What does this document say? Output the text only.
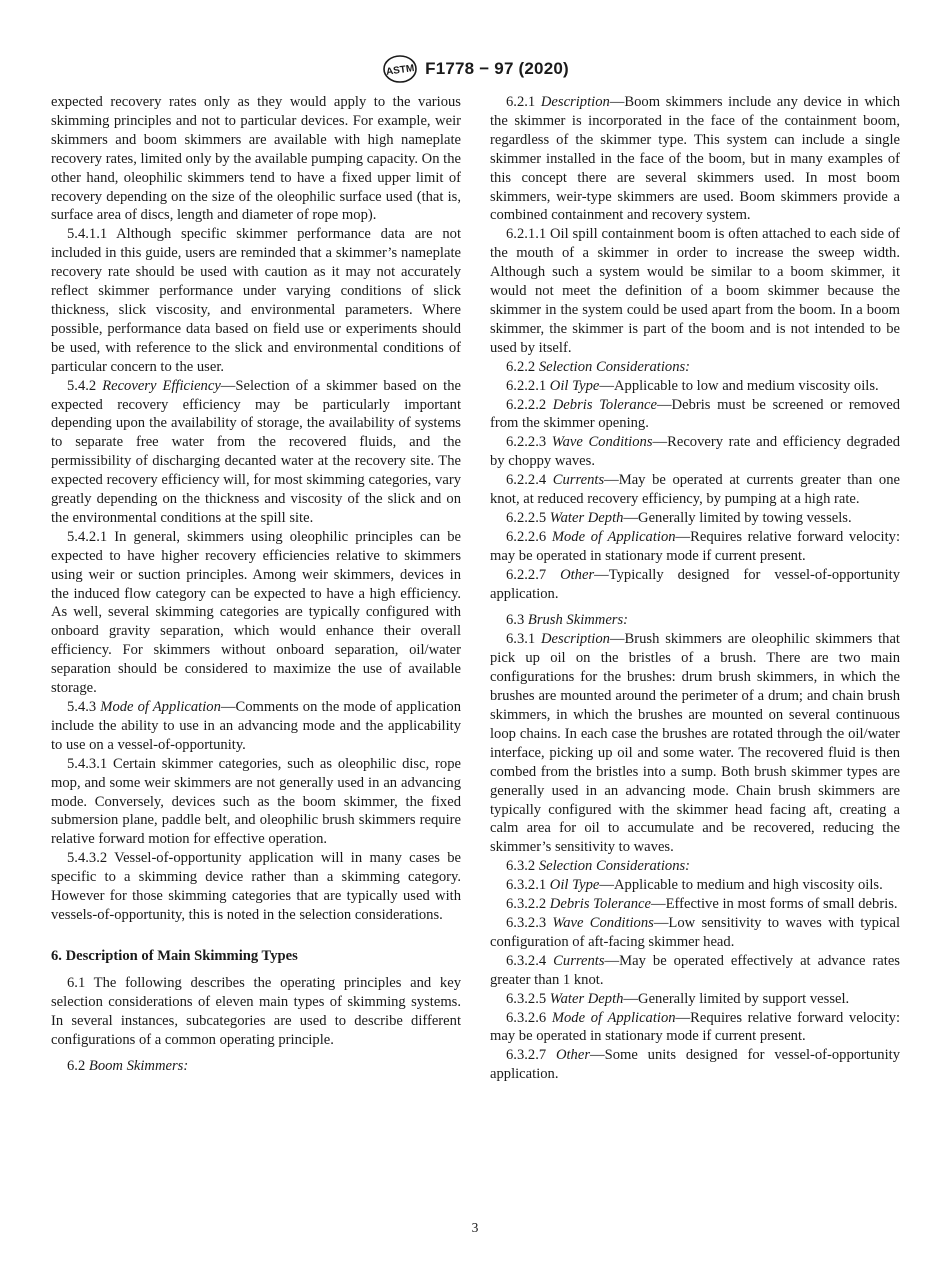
ASTM F1778 − 97 (2020)

expected recovery rates only as they would apply to the various skimming principles and not to particular devices. For example, weir skimmers and boom skimmers are available with high nameplate recovery rates, limited only by the available pumping capacity. On the other hand, oleophilic skimmers tend to have a fixed upper limit of recovery depending on the size of the oleophilic surface used (that is, surface area of discs, length and diameter of rope mop).

5.4.1.1 Although specific skimmer performance data are not included in this guide, users are reminded that a skimmer’s nameplate recovery rate should be used with caution as it may not accurately reflect skimmer performance under varying conditions of slick thickness, slick viscosity, and environmental parameters. Where possible, performance data based on field use or experiments should be used, with reference to the slick and environmental conditions of particular concern to the user.

5.4.2 Recovery Efficiency—Selection of a skimmer based on the expected recovery efficiency may be particularly important depending upon the availability of storage, the availability of systems to separate free water from the recovered fluids, and the permissibility of discharging decanted water at the recovery site. The expected recovery efficiency will, for most skimming categories, vary greatly depending on the thickness and viscosity of the slick and on the environmental conditions at the spill site.

5.4.2.1 In general, skimmers using oleophilic principles can be expected to have higher recovery efficiencies relative to skimmers using weir or suction principles. Among weir skimmers, devices in the induced flow category can be expected to have a high efficiency. As well, several skimming categories are typically configured with onboard gravity separation, which would enhance their overall efficiency. For skimmers without onboard separation, oil/water separation should be considered to maximize the use of available storage.

5.4.3 Mode of Application—Comments on the mode of application include the ability to use in an advancing mode and the applicability to use on a vessel-of-opportunity.

5.4.3.1 Certain skimmer categories, such as oleophilic disc, rope mop, and some weir skimmers are not generally used in an advancing mode. Conversely, devices such as the boom skimmer, the fixed submersion plane, paddle belt, and oleophilic brush skimmers require relative forward motion for effective operation.

5.4.3.2 Vessel-of-opportunity application will in many cases be specific to a skimming device rather than a skimming category. However for those skimming categories that are typically used with vessels-of-opportunity, this is noted in the selection considerations.

6. Description of Main Skimming Types

6.1 The following describes the operating principles and key selection considerations of eleven main types of skimming systems. In several instances, subcategories are used to describe different configurations of a common operating principle.

6.2 Boom Skimmers:

6.2.1 Description—Boom skimmers include any device in which the skimmer is incorporated in the face of the containment boom, regardless of the skimmer type. This system can include a single skimmer installed in the face of the boom, but in many examples of this concept there are several skimmers used. In most boom skimmers, weir-type skimmers are used. Boom skimmers provide a combined containment and recovery system.

6.2.1.1 Oil spill containment boom is often attached to each side of the mouth of a skimmer in order to increase the sweep width. Although such a system would be similar to a boom skimmer, it would not meet the definition of a boom skimmer because the skimmer in the system could be used apart from the boom. In a boom skimmer, the skimmer is part of the boom and is not intended to be used by itself.

6.2.2 Selection Considerations:

6.2.2.1 Oil Type—Applicable to low and medium viscosity oils.

6.2.2.2 Debris Tolerance—Debris must be screened or removed from the skimmer opening.

6.2.2.3 Wave Conditions—Recovery rate and efficiency degraded by choppy waves.

6.2.2.4 Currents—May be operated at currents greater than one knot, at reduced recovery efficiency, by pumping at a high rate.

6.2.2.5 Water Depth—Generally limited by towing vessels.

6.2.2.6 Mode of Application—Requires relative forward velocity: may be operated in stationary mode if current present.

6.2.2.7 Other—Typically designed for vessel-of-opportunity application.

6.3 Brush Skimmers:

6.3.1 Description—Brush skimmers are oleophilic skimmers that pick up oil on the bristles of a brush. There are two main configurations for the brushes: drum brush skimmers, in which the brushes are mounted around the perimeter of a drum; and chain brush skimmers, in which the brushes are mounted on several continuous loop chains. In each case the brushes are rotated through the oil/water interface, picking up oil and some water. The recovered fluid is then combed from the bristles into a sump. Both brush skimmer types are generally used in an advancing mode. Chain brush skimmers are typically configured with the skimmer head facing aft, creating a calm area for oil to accumulate and be recovered, reducing the skimmer’s sensitivity to waves.

6.3.2 Selection Considerations:

6.3.2.1 Oil Type—Applicable to medium and high viscosity oils.

6.3.2.2 Debris Tolerance—Effective in most forms of small debris.

6.3.2.3 Wave Conditions—Low sensitivity to waves with typical configuration of aft-facing skimmer head.

6.3.2.4 Currents—May be operated effectively at advance rates greater than 1 knot.

6.3.2.5 Water Depth—Generally limited by support vessel.

6.3.2.6 Mode of Application—Requires relative forward velocity: may be operated in stationary mode if current present.

6.3.2.7 Other—Some units designed for vessel-of-opportunity application.

3
